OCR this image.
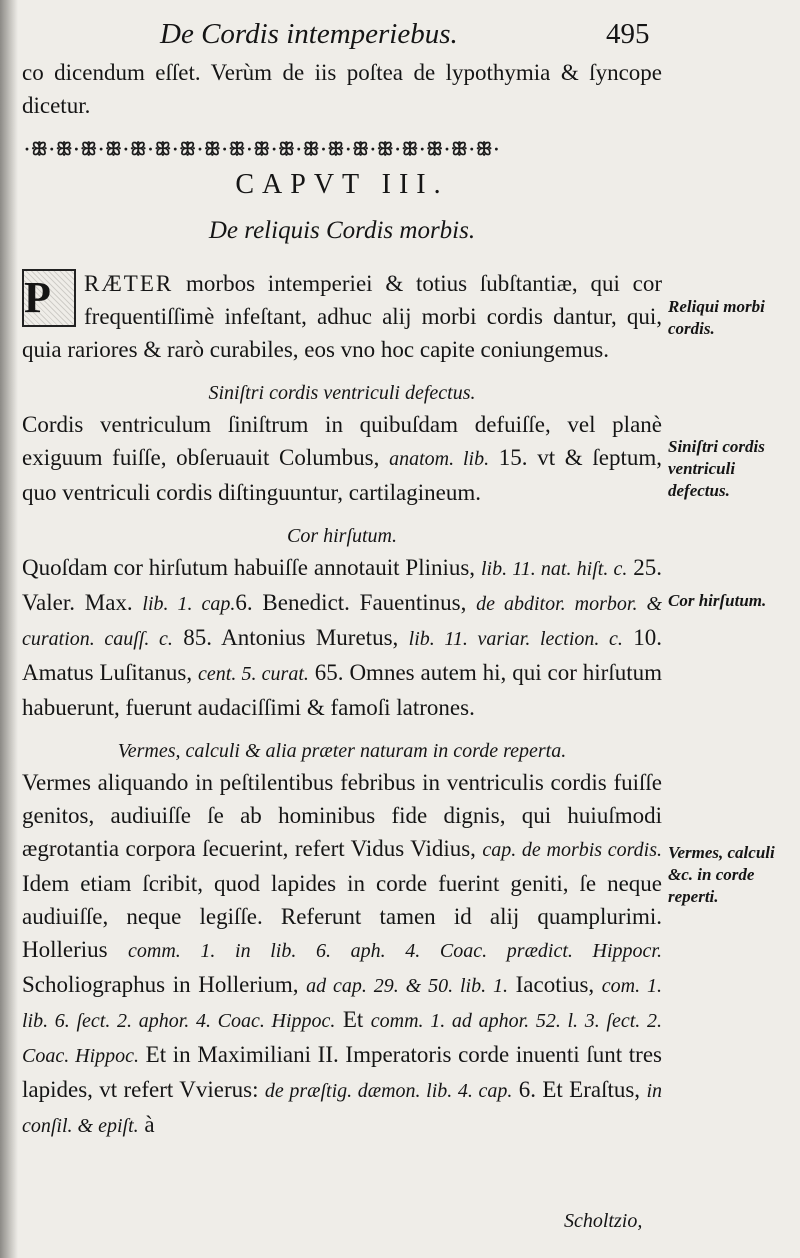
De Cordis intemperiebus.	495

co dicendum eſſet. Verùm de iis poſtea de lypothymia & ſyncope dicetur.

·ꕥ·ꕥ·ꕥ·ꕥ·ꕥ·ꕥ·ꕥ·ꕥ·ꕥ·ꕥ·ꕥ·ꕥ·ꕥ·ꕥ·ꕥ·ꕥ·ꕥ·ꕥ·ꕥ·
CAPVT III.
De reliquis Cordis morbis.

P	RÆTER morbos intemperiei & totius ſubſtantiæ, qui cor frequentiſſimè infeſtant, adhuc alij morbi cordis dantur, qui, quia rariores & rarò curabiles, eos vno hoc capite coniungemus.

Siniſtri cordis ventriculi defectus.

Cordis ventriculum ſiniſtrum in quibuſdam defuiſſe, vel planè exiguum fuiſſe, obſeruauit Columbus, anatom. lib. 15. vt & ſeptum, quo ventriculi cordis diſtinguuntur, cartilagineum.

Cor hirſutum.

Quoſdam cor hirſutum habuiſſe annotauit Plinius, lib. 11. nat. hiſt. c. 25. Valer. Max. lib. 1. cap.6. Benedict. Fauentinus, de abditor. morbor. & curation. cauſſ. c. 85. Antonius Muretus, lib. 11. variar. lection. c. 10. Amatus Luſitanus, cent. 5. curat. 65. Omnes autem hi, qui cor hirſutum habuerunt, fuerunt audaciſſimi & famoſi latrones.

Vermes, calculi & alia præter naturam in corde reperta.

Vermes aliquando in peſtilentibus febribus in ventriculis cordis fuiſſe genitos, audiuiſſe ſe ab hominibus fide dignis, qui huiuſmodi ægrotantia corpora ſecuerint, refert Vidus Vidius, cap. de morbis cordis. Idem etiam ſcribit, quod lapides in corde fuerint geniti, ſe neque audiuiſſe, neque legiſſe. Referunt tamen id alij quamplurimi. Hollerius comm. 1. in lib. 6. aph. 4. Coac. prædict. Hippocr. Scholiographus in Hollerium, ad cap. 29. & 50. lib. 1. Iacotius, com. 1. lib. 6. ſect. 2. aphor. 4. Coac. Hippoc. Et comm. 1. ad aphor. 52. l. 3. ſect. 2. Coac. Hippoc. Et in Maximiliani II. Imperatoris corde inuenti ſunt tres lapides, vt refert Vvierus: de præſtig. dæmon. lib. 4. cap. 6. Et Eraſtus, in conſil. & epiſt. à

Reliqui morbi cordis.
Siniſtri cordis ventriculi defectus.
Cor hirſutum.
Vermes, calculi &c. in corde reperti.
Scholtzio,
